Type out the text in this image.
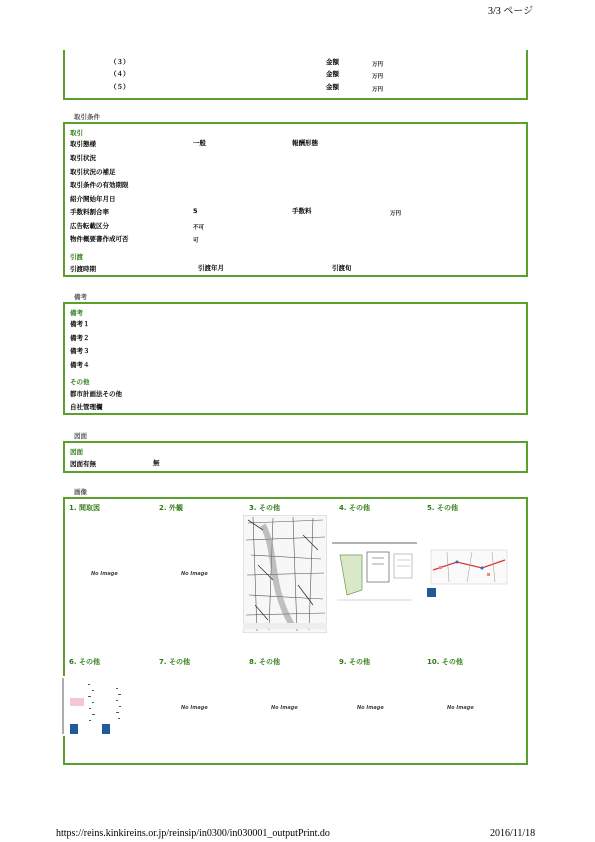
3/3 ページ
（３）	金額	万円
（４）	金額	万円
（５）	金額	万円
取引条件
取引
取引態様	一般	報酬形態
取引状況
取引状況の補足
取引条件の有効期限
紹介開始年月日
手数料割合率	5	手数料	万円
広告転載区分	不可
物件概要書作成可否	可
引渡
引渡時期	引渡年月	引渡旬
備考
備考
備考１
備考２
備考３
備考４
その他
都市計画法その他
自社管理欄
図面
図面
図面有無	無
画像
1. 間取図	2. 外観	3. その他	4. その他	5. その他
No Image	No Image
6. その他	7. その他	8. その他	9. その他	10. その他
No Image	No Image	No Image	No Image
https://reins.kinkireins.or.jp/reinsip/in0300/in030001_outputPrint.do	2016/11/18
